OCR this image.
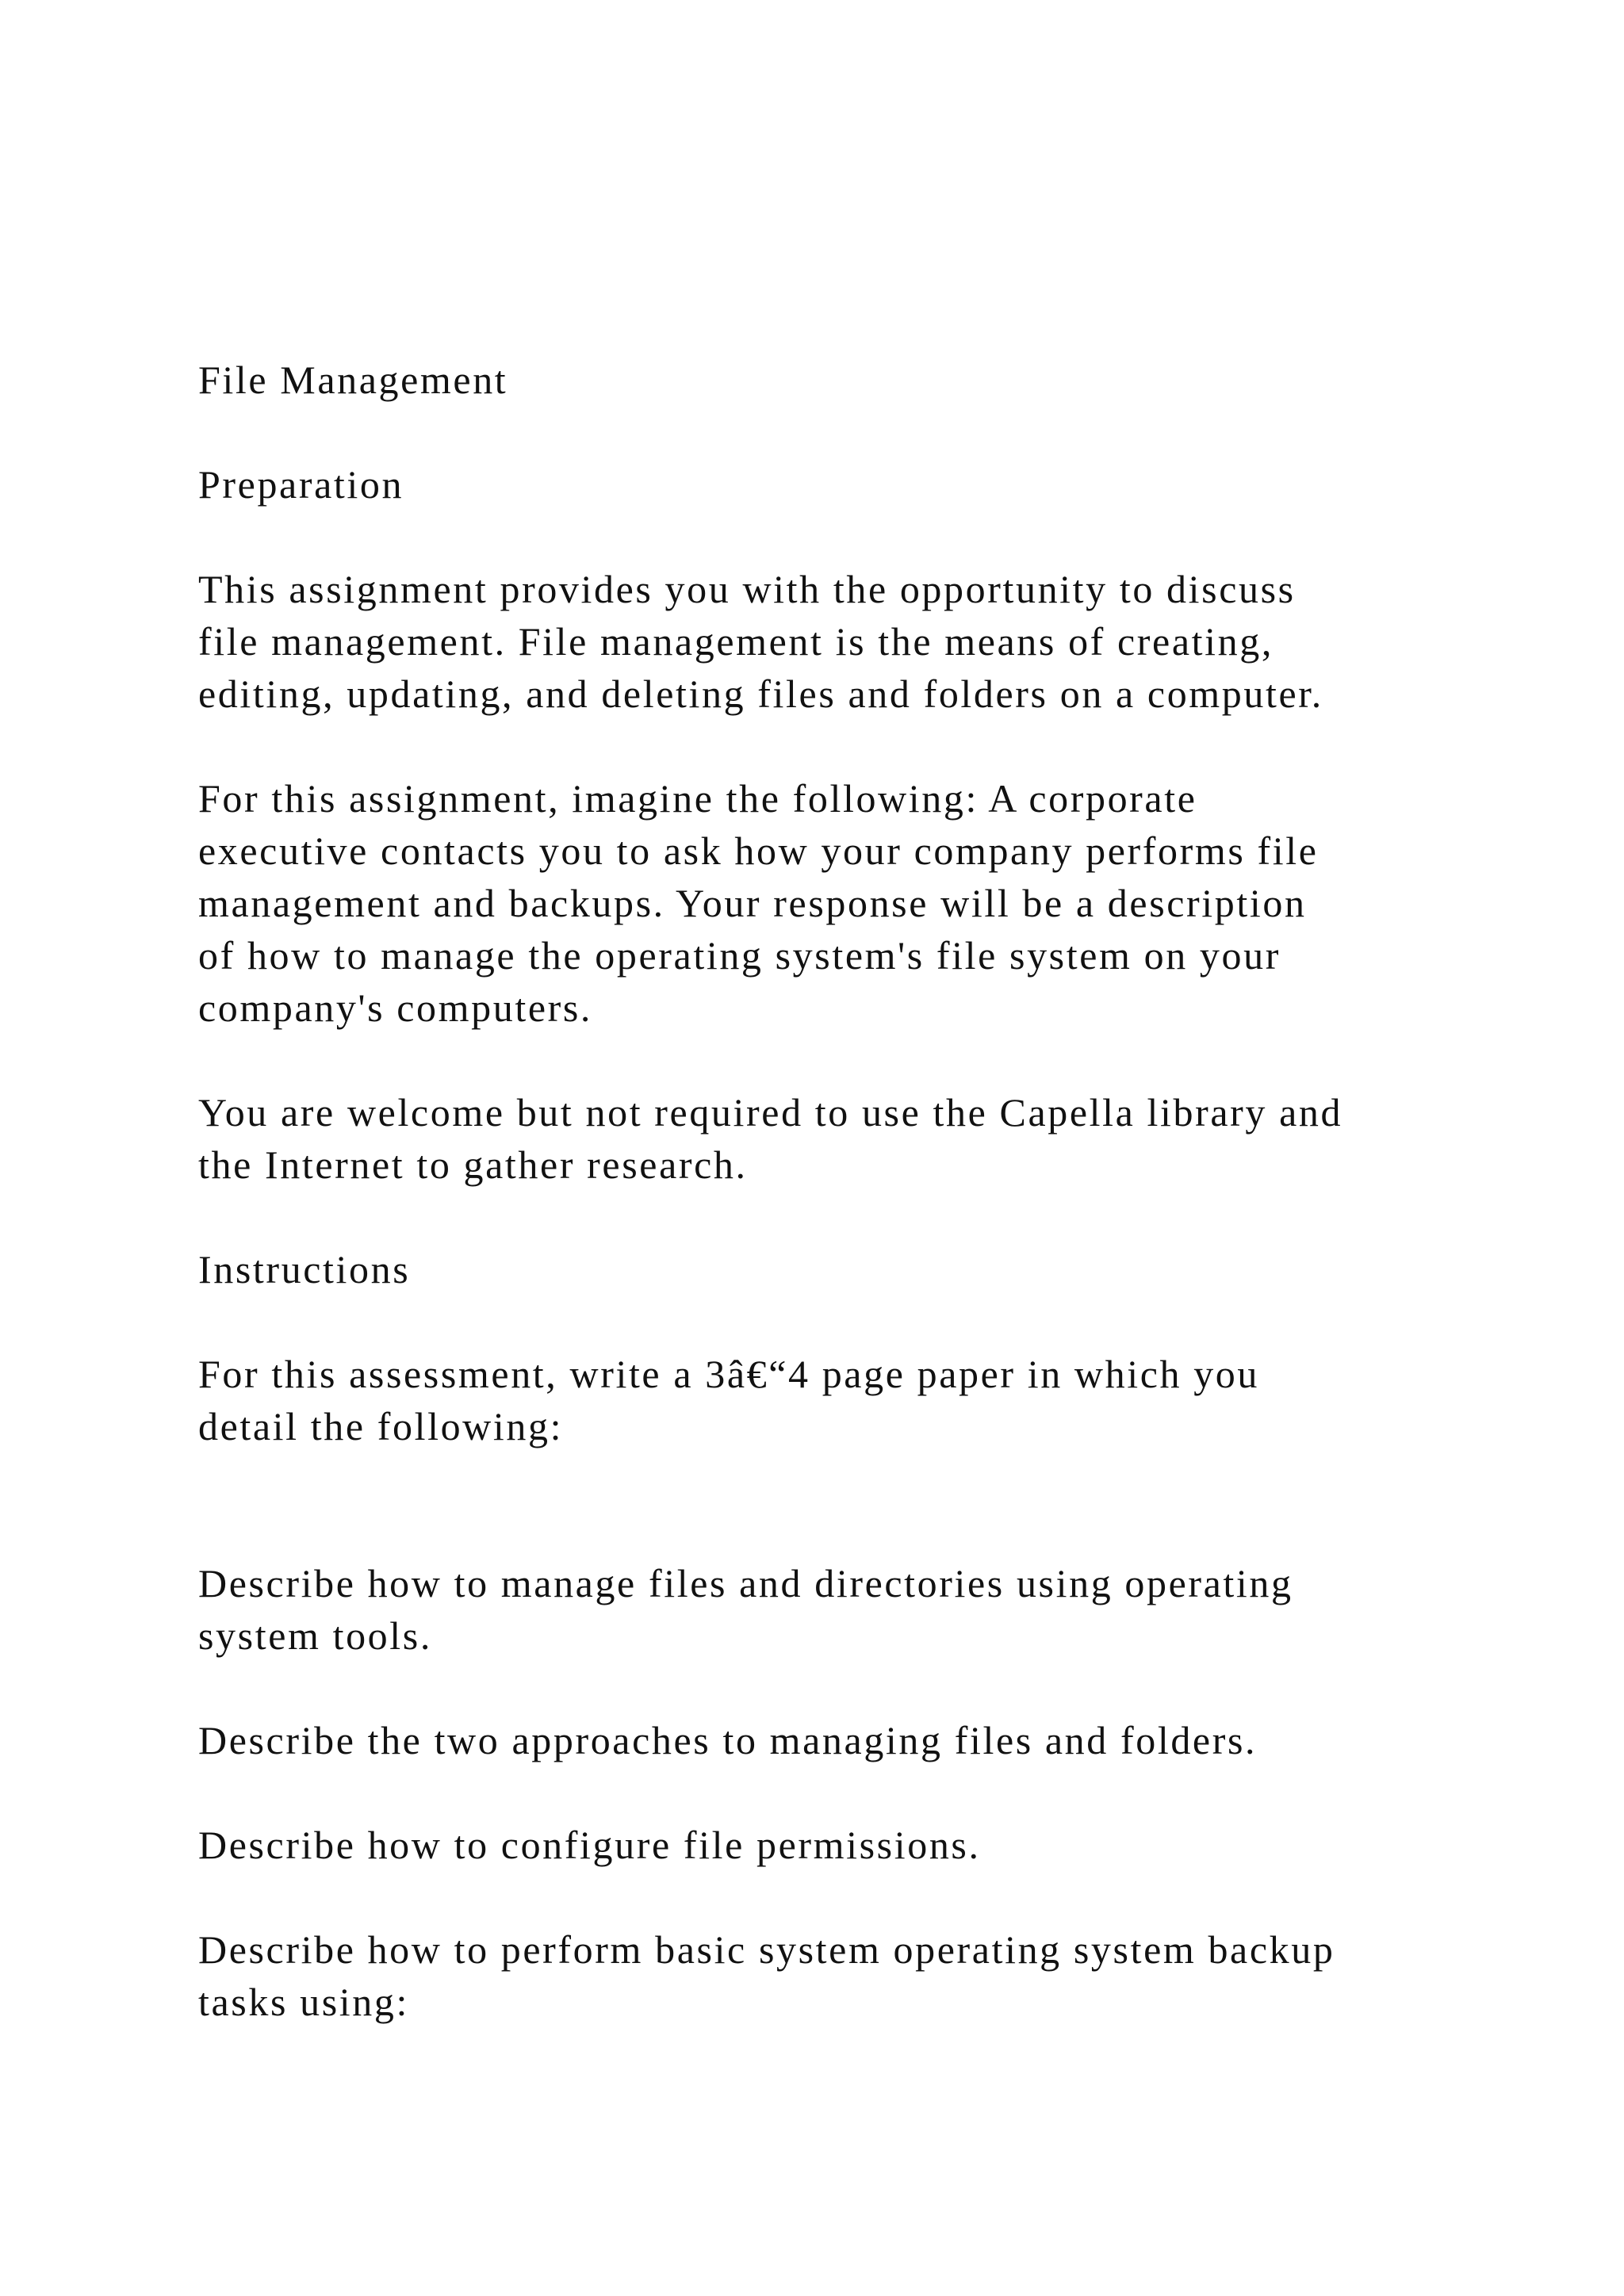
File Management

Preparation

This assignment provides you with the opportunity to discuss
file management. File management is the means of creating,
editing, updating, and deleting files and folders on a computer.

For this assignment, imagine the following: A corporate
executive contacts you to ask how your company performs file
management and backups. Your response will be a description
of how to manage the operating system's file system on your
company's computers.

You are welcome but not required to use the Capella library and
the Internet to gather research.

Instructions

For this assessment, write a 3â€“4 page paper in which you
detail the following:

Describe how to manage files and directories using operating
system tools.

Describe the two approaches to managing files and folders.

Describe how to configure file permissions.

Describe how to perform basic system operating system backup
tasks using:
